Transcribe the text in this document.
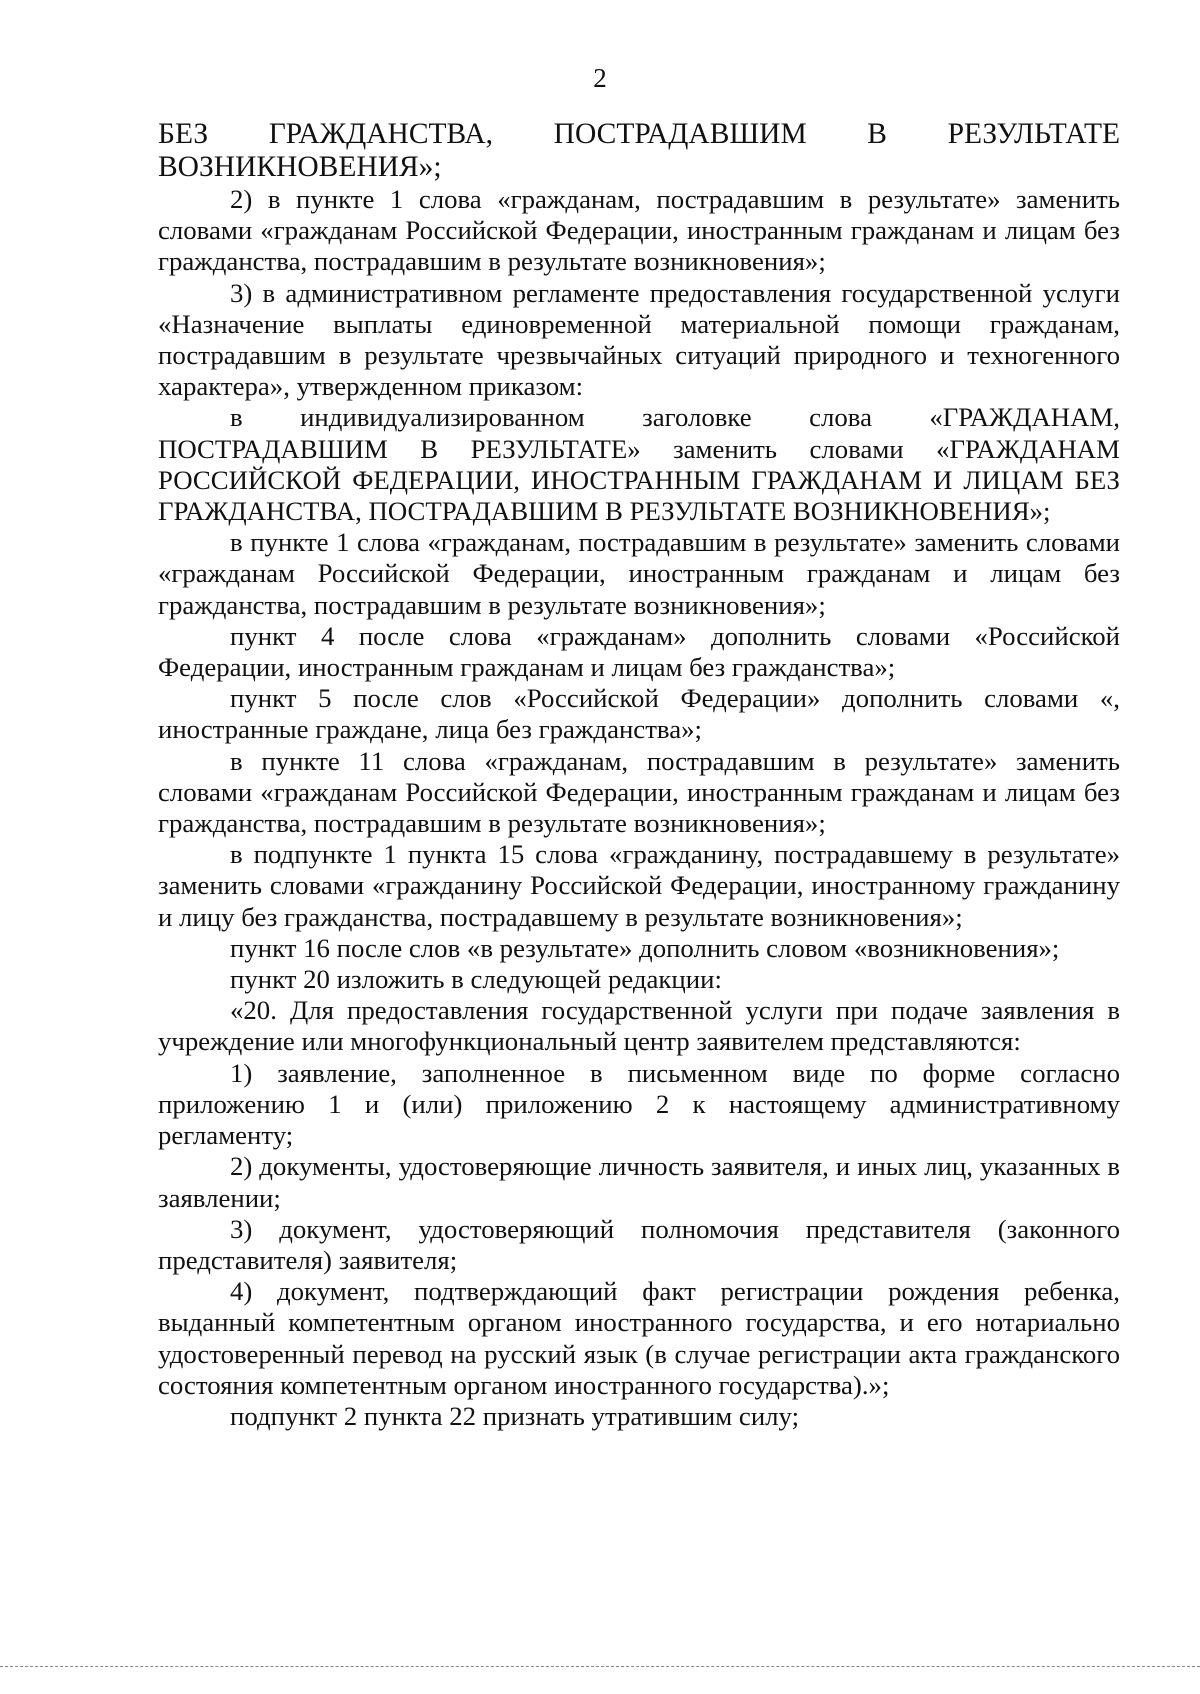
2

БЕЗ ГРАЖДАНСТВА, ПОСТРАДАВШИМ В РЕЗУЛЬТАТЕ ВОЗНИКНОВЕНИЯ»;

2) в пункте 1 слова «гражданам, пострадавшим в результате» заменить словами «гражданам Российской Федерации, иностранным гражданам и лицам без гражданства, пострадавшим в результате возникновения»;

3) в административном регламенте предоставления государственной услуги «Назначение выплаты единовременной материальной помощи гражданам, пострадавшим в результате чрезвычайных ситуаций природного и техногенного характера», утвержденном приказом:

в индивидуализированном заголовке слова «ГРАЖДАНАМ, ПОСТРАДАВШИМ В РЕЗУЛЬТАТЕ» заменить словами «ГРАЖДАНАМ РОССИЙСКОЙ ФЕДЕРАЦИИ, ИНОСТРАННЫМ ГРАЖДАНАМ И ЛИЦАМ БЕЗ ГРАЖДАНСТВА, ПОСТРАДАВШИМ В РЕЗУЛЬТАТЕ ВОЗНИКНОВЕНИЯ»;

в пункте 1 слова «гражданам, пострадавшим в результате» заменить словами «гражданам Российской Федерации, иностранным гражданам и лицам без гражданства, пострадавшим в результате возникновения»;

пункт 4 после слова «гражданам» дополнить словами «Российской Федерации, иностранным гражданам и лицам без гражданства»;

пункт 5 после слов «Российской Федерации» дополнить словами «, иностранные граждане, лица без гражданства»;

в пункте 11 слова «гражданам, пострадавшим в результате» заменить словами «гражданам Российской Федерации, иностранным гражданам и лицам без гражданства, пострадавшим в результате возникновения»;

в подпункте 1 пункта 15 слова «гражданину, пострадавшему в результате» заменить словами «гражданину Российской Федерации, иностранному гражданину и лицу без гражданства, пострадавшему в результате возникновения»;

пункт 16 после слов «в результате» дополнить словом «возникновения»;

пункт 20 изложить в следующей редакции:

«20. Для предоставления государственной услуги при подаче заявления в учреждение или многофункциональный центр заявителем представляются:

1) заявление, заполненное в письменном виде по форме согласно приложению 1 и (или) приложению 2 к настоящему административному регламенту;

2) документы, удостоверяющие личность заявителя, и иных лиц, указанных в заявлении;

3) документ, удостоверяющий полномочия представителя (законного представителя) заявителя;

4) документ, подтверждающий факт регистрации рождения ребенка, выданный компетентным органом иностранного государства, и его нотариально удостоверенный перевод на русский язык (в случае регистрации акта гражданского состояния компетентным органом иностранного государства).»;

подпункт 2 пункта 22 признать утратившим силу;
